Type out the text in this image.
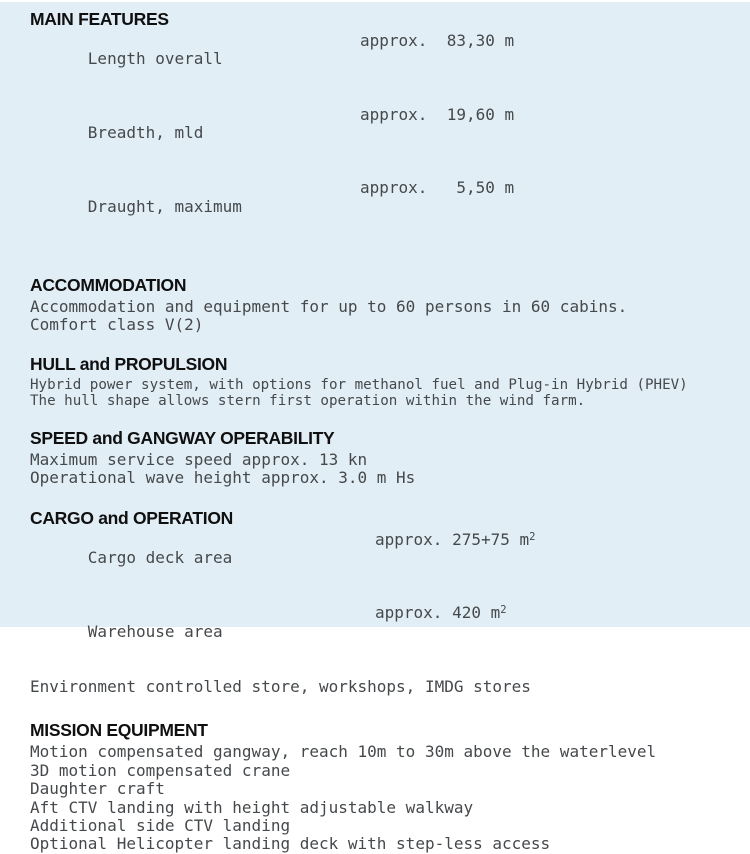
MAIN FEATURES

Length overall

approx.  83,30 m

Breadth, mld

approx.  19,60 m

Draught, maximum

approx.   5,50 m

ACCOMMODATION
Accommodation and equipment for up to 60 persons in 60 cabins.
Comfort class V(2)
HULL and PROPULSION
Hybrid power system, with options for methanol fuel and Plug-in Hybrid (PHEV)
The hull shape allows stern first operation within the wind farm.
SPEED and GANGWAY OPERABILITY
Maximum service speed approx. 13 kn
Operational wave height approx. 3.0 m Hs
CARGO and OPERATION

Cargo deck area

approx. 275+75 $m^2$

Warehouse area

approx. 420 $m^2$

Environment controlled store, workshops, IMDG stores
MISSION EQUIPMENT
Motion compensated gangway, reach 10m to 30m above the waterlevel
3D motion compensated crane
Daughter craft
Aft CTV landing with height adjustable walkway
Additional side CTV landing
Optional Helicopter landing deck with step-less access
